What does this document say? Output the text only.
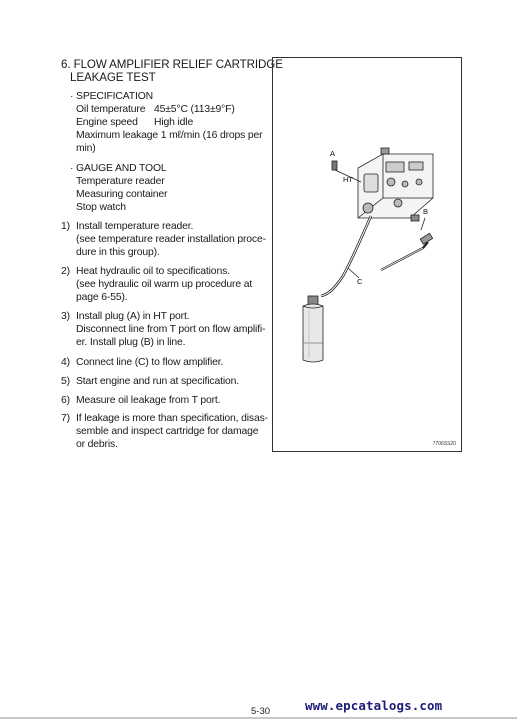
6. FLOW AMPLIFIER RELIEF CARTRIDGE
LEAKAGE TEST
· SPECIFICATION
Oil temperature 45±5°C (113±9°F)
Engine speed High idle
Maximum leakage 1 mℓ/min (16 drops per
min)
· GAUGE AND TOOL
Temperature reader
Measuring container
Stop watch
1) Install temperature reader.
(see temperature reader installation proce-
dure in this group).
2) Heat hydraulic oil to specifications.
(see hydraulic oil warm up procedure at
page 6-55).
3) Install plug (A) in HT port.
Disconnect line from T port on flow amplifi-
er. Install plug (B) in line.
4) Connect line (C) to flow amplifier.
5) Start engine and run at specification.
6) Measure oil leakage from T port.
7) If leakage is more than specification, disas-
semble and inspect cartridge for damage
or debris.
A
HT
B
C
7706SS20
www.epcatalogs.com
5-30
